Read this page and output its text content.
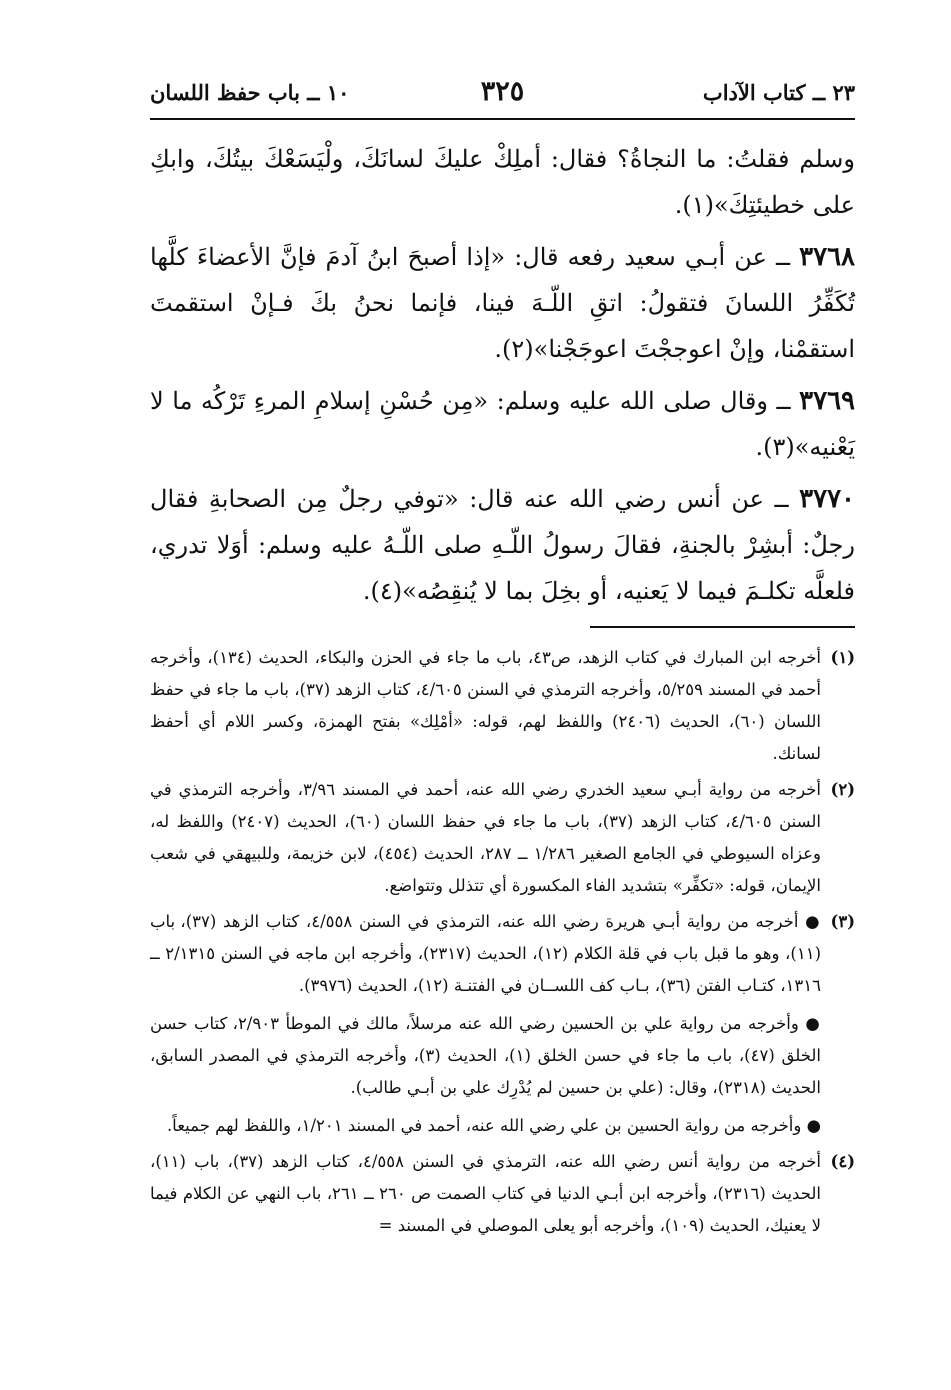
٢٣ ــ كتاب الآداب
٣٢٥
١٠ ــ باب حفظ اللسان

وسلم فقلتُ: ما النجاةُ؟ فقال: أملِكْ عليكَ لسانَكَ، ولْيَسَعْكَ بيتُكَ، وابكِ على خطيئتِكَ»(١).

٣٧٦٨ ــ عن أبـي سعيد رفعه قال: «إذا أصبحَ ابنُ آدمَ فإنَّ الأعضاءَ كلَّها تُكَفِّرُ اللسانَ فتقولُ: اتقِ اللّـهَ فينا، فإنما نحنُ بكَ فـإنْ استقمتَ استقمْنا، وإنْ اعوججْتَ اعوجَجْنا»(٢).

٣٧٦٩ ــ وقال صلى الله عليه وسلم: «مِن حُسْنِ إسلامِ المرءِ تَرْكُه ما لا يَعْنيه»(٣).

٣٧٧٠ ــ عن أنس رضي الله عنه قال: «توفي رجلٌ مِن الصحابةِ فقال رجلٌ: أبشِرْ بالجنةِ، فقالَ رسولُ اللّـهِ صلى اللّـهُ عليه وسلم: أوَلا تدري، فلعلَّه تكلـمَ فيما لا يَعنيه، أو بخِلَ بما لا يُنقِصُه»(٤).

(١)

أخرجه ابن المبارك في كتاب الزهد، ص٤٣، باب ما جاء في الحزن والبكاء، الحديث (١٣٤)، وأخرجه أحمد في المسند ٥/٢٥٩، وأخرجه الترمذي في السنن ٤/٦٠٥، كتاب الزهد (٣٧)، باب ما جاء في حفظ اللسان (٦٠)، الحديث (٢٤٠٦) واللفظ لهم، قوله: «أمْلِك» بفتح الهمزة، وكسر اللام أي أحفظ لسانك.

(٢)

أخرجه من رواية أبـي سعيد الخدري رضي الله عنه، أحمد في المسند ٣/٩٦، وأخرجه الترمذي في السنن ٤/٦٠٥، كتاب الزهد (٣٧)، باب ما جاء في حفظ اللسان (٦٠)، الحديث (٢٤٠٧) واللفظ له، وعزاه السيوطي في الجامع الصغير ١/٢٨٦ ــ ٢٨٧، الحديث (٤٥٤)، لابن خزيمة، وللبيهقي في شعب الإيمان، قوله: «تكفِّر» بتشديد الفاء المكسورة أي تتذلل وتتواضع.

(٣)

● أخرجه من رواية أبـي هريرة رضي الله عنه، الترمذي في السنن ٤/٥٥٨، كتاب الزهد (٣٧)، باب (١١)، وهو ما قبل باب في قلة الكلام (١٢)، الحديث (٢٣١٧)، وأخرجه ابن ماجه في السنن ٢/١٣١٥ ــ ١٣١٦، كتـاب الفتن (٣٦)، بـاب كف اللســان في الفتنـة (١٢)، الحديث (٣٩٧٦).

● وأخرجه من رواية علي بن الحسين رضي الله عنه مرسلاً، مالك في الموطأ ٢/٩٠٣، كتاب حسن الخلق (٤٧)، باب ما جاء في حسن الخلق (١)، الحديث (٣)، وأخرجه الترمذي في المصدر السابق، الحديث (٢٣١٨)، وقال: (علي بن حسين لم يُدْرِك علي بن أبـي طالب).

● وأخرجه من رواية الحسين بن علي رضي الله عنه، أحمد في المسند ١/٢٠١، واللفظ لهم جميعاً.

(٤)

أخرجه من رواية أنس رضي الله عنه، الترمذي في السنن ٤/٥٥٨، كتاب الزهد (٣٧)، باب (١١)، الحديث (٢٣١٦)، وأخرجه ابن أبـي الدنيا في كتاب الصمت ص ٢٦٠ ــ ٢٦١، باب النهي عن الكلام فيما لا يعنيك، الحديث (١٠٩)، وأخرجه أبو يعلى الموصلي في المسند =
